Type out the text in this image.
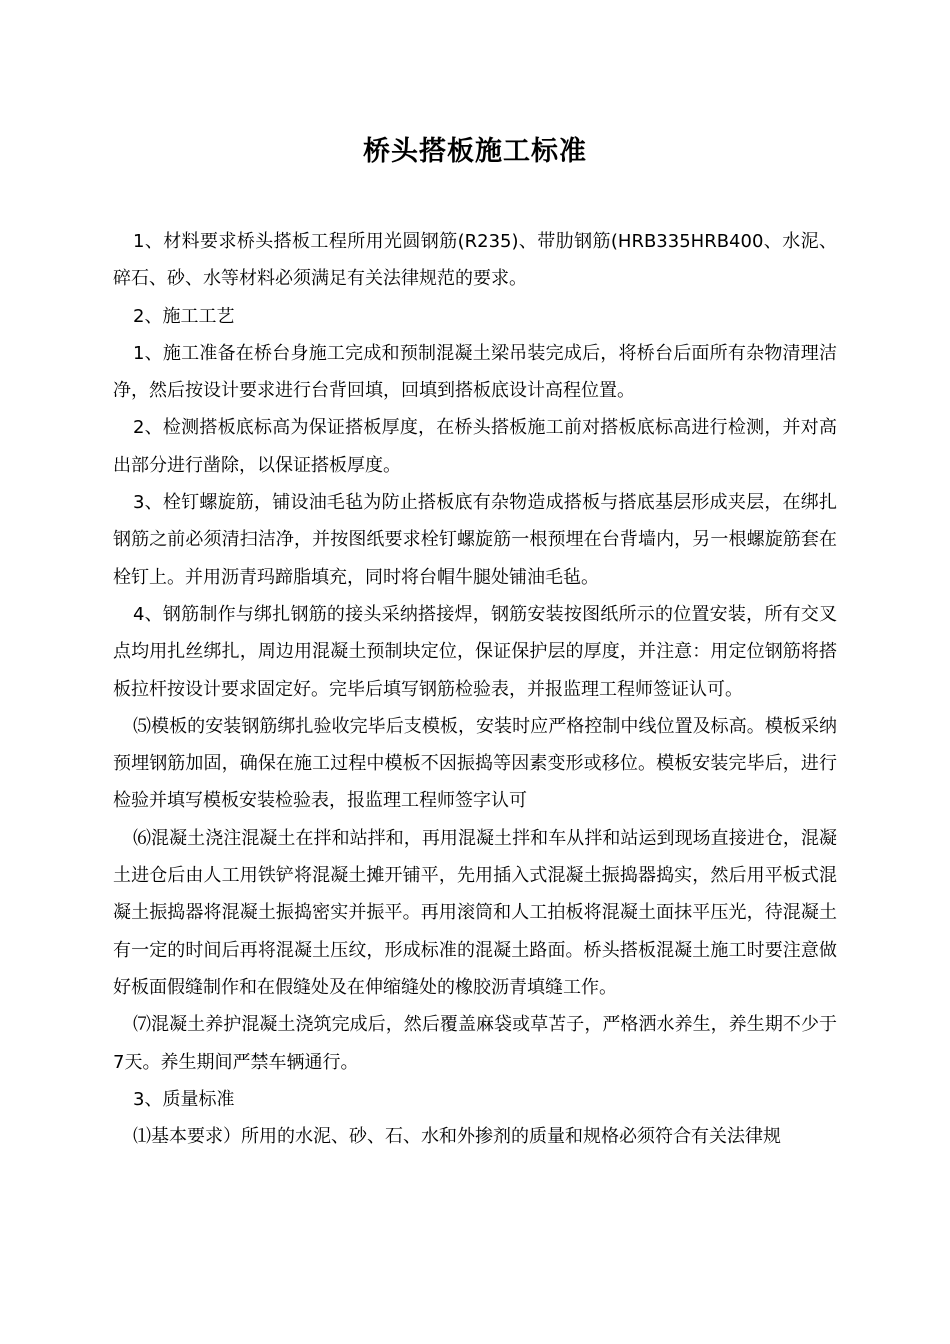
桥头搭板施工标准

1、材料要求桥头搭板工程所用光圆钢筋(R235)、带肋钢筋(HRB335HRB400、水泥、碎石、砂、水等材料必须满足有关法律规范的要求。

2、施工工艺

1、施工准备在桥台身施工完成和预制混凝土梁吊装完成后，将桥台后面所有杂物清理洁净，然后按设计要求进行台背回填，回填到搭板底设计高程位置。

2、检测搭板底标高为保证搭板厚度，在桥头搭板施工前对搭板底标高进行检测，并对高出部分进行凿除，以保证搭板厚度。

3、栓钉螺旋筋，铺设油毛毡为防止搭板底有杂物造成搭板与搭底基层形成夹层，在绑扎钢筋之前必须清扫洁净，并按图纸要求栓钉螺旋筋一根预埋在台背墙内，另一根螺旋筋套在栓钉上。并用沥青玛蹄脂填充，同时将台帽牛腿处铺油毛毡。

4、钢筋制作与绑扎钢筋的接头采纳搭接焊，钢筋安装按图纸所示的位置安装，所有交叉点均用扎丝绑扎，周边用混凝土预制块定位，保证保护层的厚度，并注意：用定位钢筋将搭板拉杆按设计要求固定好。完毕后填写钢筋检验表，并报监理工程师签证认可。

⑸模板的安装钢筋绑扎验收完毕后支模板，安装时应严格控制中线位置及标高。模板采纳预埋钢筋加固，确保在施工过程中模板不因振捣等因素变形或移位。模板安装完毕后，进行检验并填写模板安装检验表，报监理工程师签字认可

⑹混凝土浇注混凝土在拌和站拌和，再用混凝土拌和车从拌和站运到现场直接进仓，混凝土进仓后由人工用铁铲将混凝土摊开铺平，先用插入式混凝土振捣器捣实，然后用平板式混凝土振捣器将混凝土振捣密实并振平。再用滚筒和人工拍板将混凝土面抹平压光，待混凝土有一定的时间后再将混凝土压纹，形成标准的混凝土路面。桥头搭板混凝土施工时要注意做好板面假缝制作和在假缝处及在伸缩缝处的橡胶沥青填缝工作。

⑺混凝土养护混凝土浇筑完成后，然后覆盖麻袋或草苫子，严格洒水养生，养生期不少于7天。养生期间严禁车辆通行。

3、质量标准

⑴基本要求）所用的水泥、砂、石、水和外掺剂的质量和规格必须符合有关法律规
